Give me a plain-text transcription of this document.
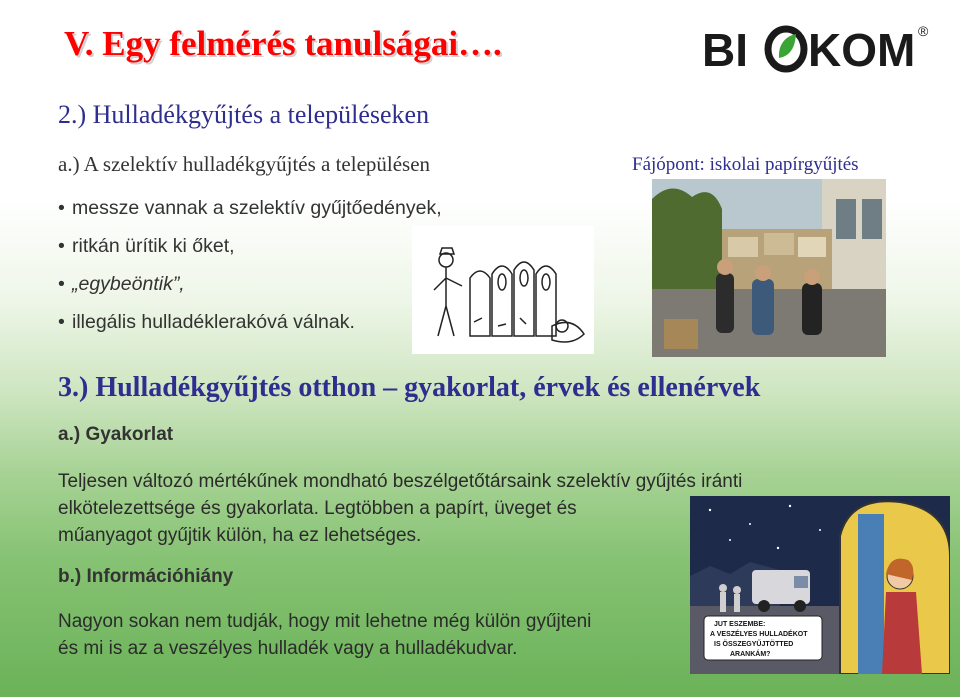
V. Egy felmérés tanulságai….	BI KOM ®
2.) Hulladékgyűjtés a településeken
a.) A szelektív hulladékgyűjtés a településen	Fájópont: iskolai papírgyűjtés
• messze vannak a szelektív gyűjtőedények,
• ritkán ürítik ki őket,
• „egybeöntik”,
• illegális hulladéklerakóvá válnak.
3.) Hulladékgyűjtés otthon – gyakorlat, érvek és ellenérvek
a.) Gyakorlat
Teljesen változó mértékűnek mondható beszélgetőtársaink szelektív gyűjtés iránti
elkötelezettsége és gyakorlata. Legtöbben a papírt, üveget és
műanyagot gyűjtik külön, ha ez lehetséges.
b.) Információhiány
Nagyon sokan nem tudják, hogy mit lehetne még külön gyűjteni
és mi is az a veszélyes hulladék vagy a hulladékudvar.
JUT ESZEMBE:
A VESZÉLYES HULLADÉKOT
IS ÖSSZEGYŰJTÖTTED
ARANKÁM?
